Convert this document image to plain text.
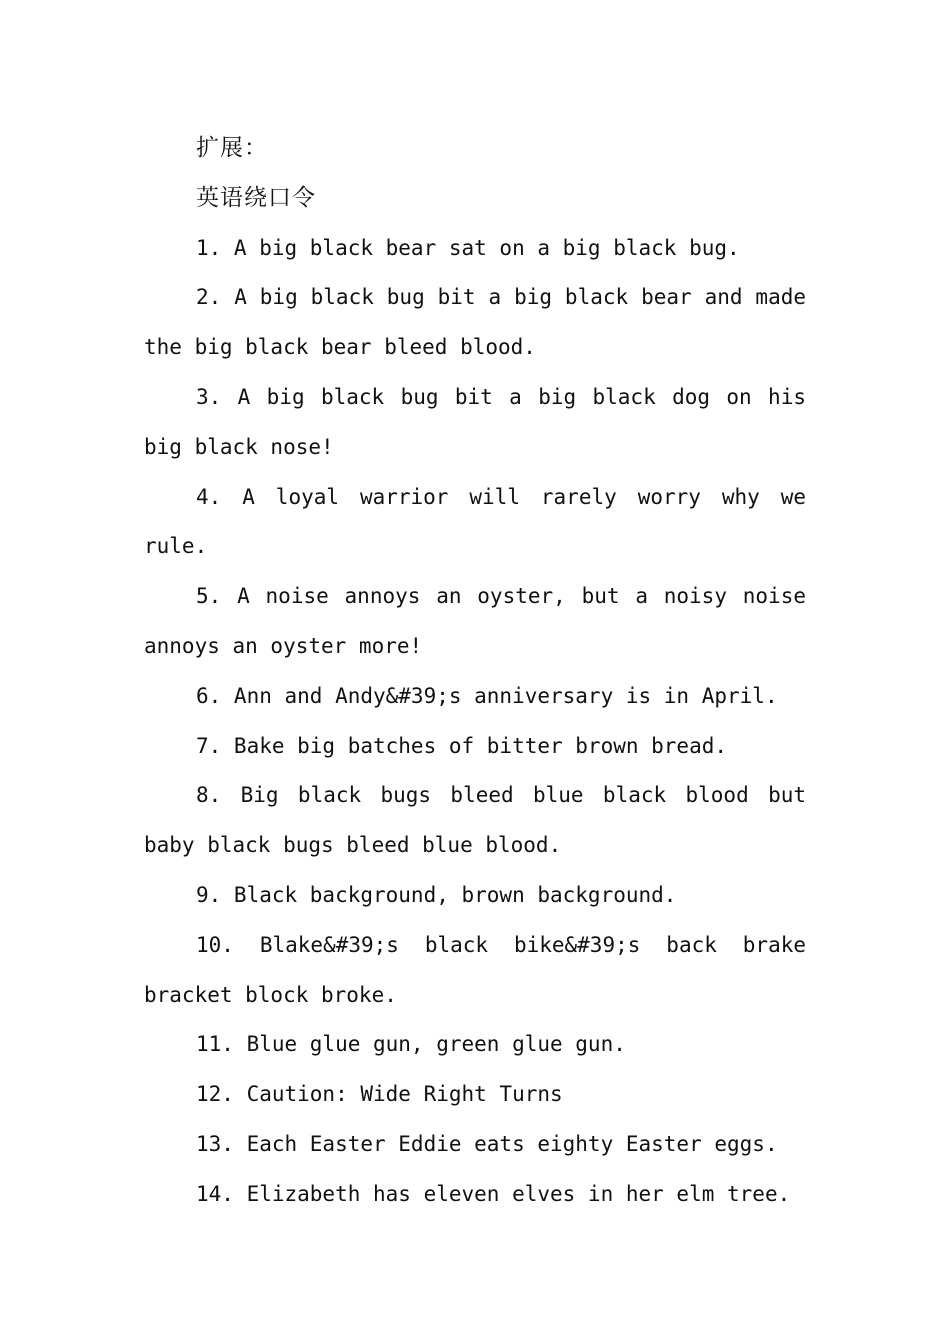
扩展：

英语绕口令

1. A big black bear sat on a big black bug.

2. A big black bug bit a big black bear and made the big black bear bleed blood.

3. A big black bug bit a big black dog on his big black nose!

4. A loyal warrior will rarely worry why we rule.

5. A noise annoys an oyster, but a noisy noise annoys an oyster more!

6. Ann and Andy&#39;s anniversary is in April.

7. Bake big batches of bitter brown bread.

8. Big black bugs bleed blue black blood but baby black bugs bleed blue blood.

9. Black background, brown background.

10. Blake&#39;s black bike&#39;s back brake bracket block broke.

11. Blue glue gun, green glue gun.

12. Caution: Wide Right Turns

13. Each Easter Eddie eats eighty Easter eggs.

14. Elizabeth has eleven elves in her elm tree.
